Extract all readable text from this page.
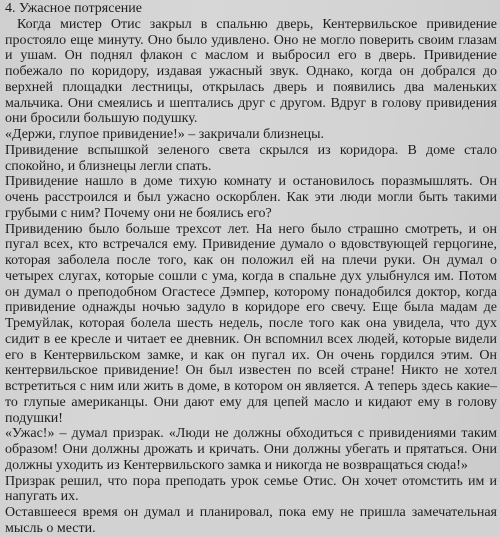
4. Ужасное потрясение

Когда мистер Отис закрыл в спальню дверь, Кентервильское привидение простояло еще минуту. Оно было удивлено. Оно не могло поверить своим глазам и ушам. Он поднял флакон с маслом и выбросил его в дверь. Привидение побежало по коридору, издавая ужасный звук. Однако, когда он добрался до верхней площадки лестницы, открылась дверь и появились два маленьких мальчика. Они смеялись и шептались друг с другом. Вдруг в голову привидения они бросили большую подушку.

«Держи, глупое привидение!» – закричали близнецы.

Привидение вспышкой зеленого света скрылся из коридора. В доме стало спокойно, и близнецы легли спать.

Привидение нашло в доме тихую комнату и остановилось поразмышлять. Он очень расстроился и был ужасно оскорблен. Как эти люди могли быть такими грубыми с ним? Почему они не боялись его?

Привидению было больше трехсот лет. На него было страшно смотреть, и он пугал всех, кто встречался ему. Привидение думало о вдовствующей герцогине, которая заболела после того, как он положил ей на плечи руки. Он думал о четырех слугах, которые сошли с ума, когда в спальне дух улыбнулся им. Потом он думал о преподобном Огастесе Дэмпер, которому понадобился доктор, когда привидение однажды ночью задуло в коридоре его свечу. Еще была мадам де Тремуйлак, которая болела шесть недель, после того как она увидела, что дух сидит в ее кресле и читает ее дневник. Он вспомнил всех людей, которые видели его в Кентервильском замке, и как он пугал их. Он очень гордился этим. Он кентервильское привидение! Он был известен по всей стране! Никто не хотел встретиться с ним или жить в доме, в котором он является. А теперь здесь какие–то глупые американцы. Они дают ему для цепей масло и кидают ему в голову подушки!

«Ужас!» – думал призрак. «Люди не должны обходиться с привидениями таким образом! Они должны дрожать и кричать. Они должны убегать и прятаться. Они должны уходить из Кентервильского замка и никогда не возвращаться сюда!»

Призрак решил, что пора преподать урок семье Отис. Он хочет отомстить им и напугать их.

Оставшееся время он думал и планировал, пока ему не пришла замечательная мысль о мести.
